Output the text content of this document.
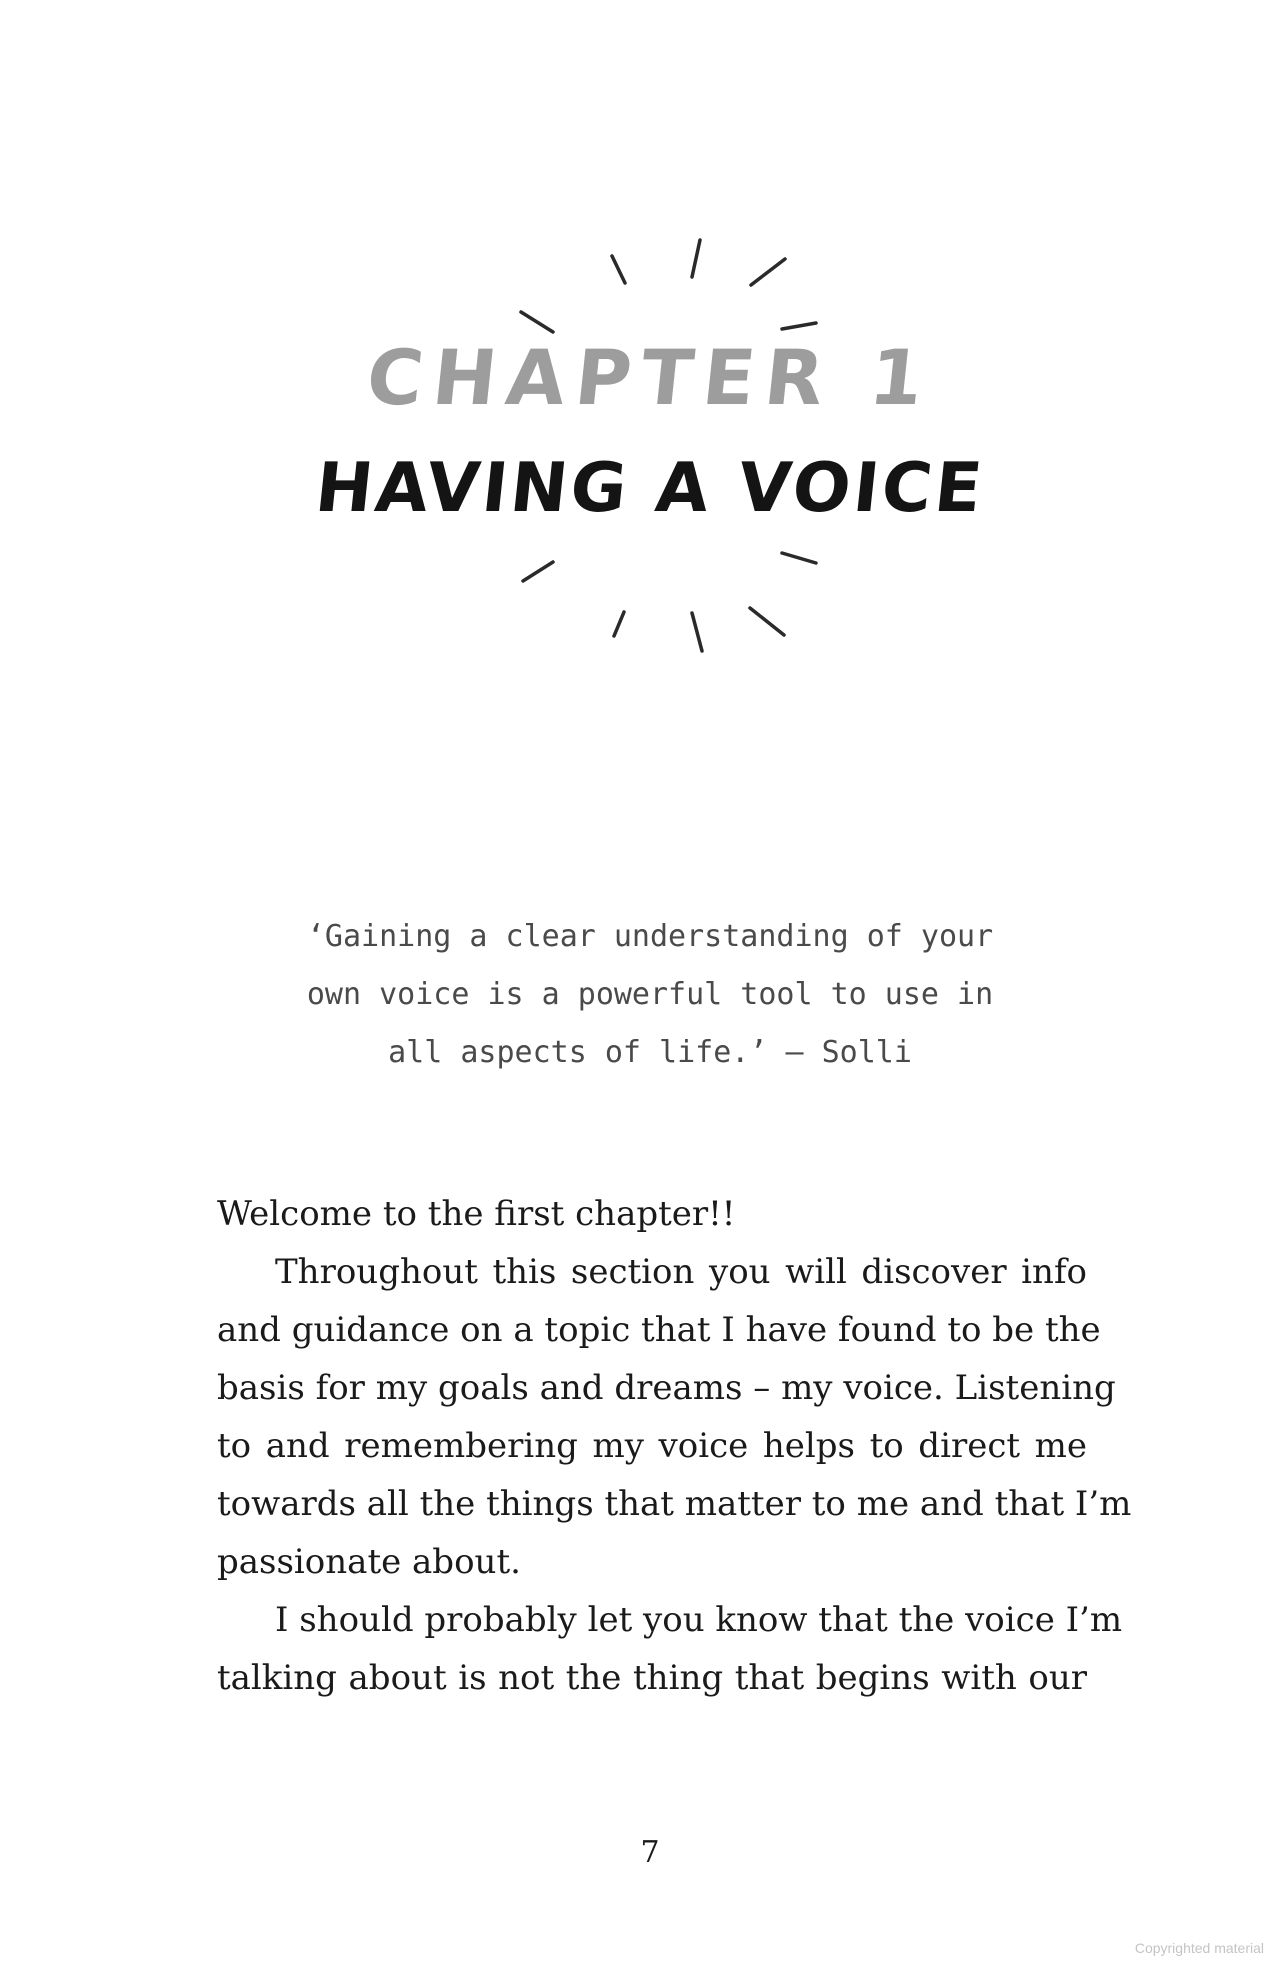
CHAPTER 1
HAVING A VOICE
‘Gaining a clear understanding of your
own voice is a powerful tool to use in
all aspects of life.’ – Solli
Welcome to the first chapter!!
Throughout this section you will discover info
and guidance on a topic that I have found to be the
basis for my goals and dreams – my voice. Listening
to and remembering my voice helps to direct me
towards all the things that matter to me and that I’m
passionate about.
I should probably let you know that the voice I’m
talking about is not the thing that begins with our
7
Copyrighted material
